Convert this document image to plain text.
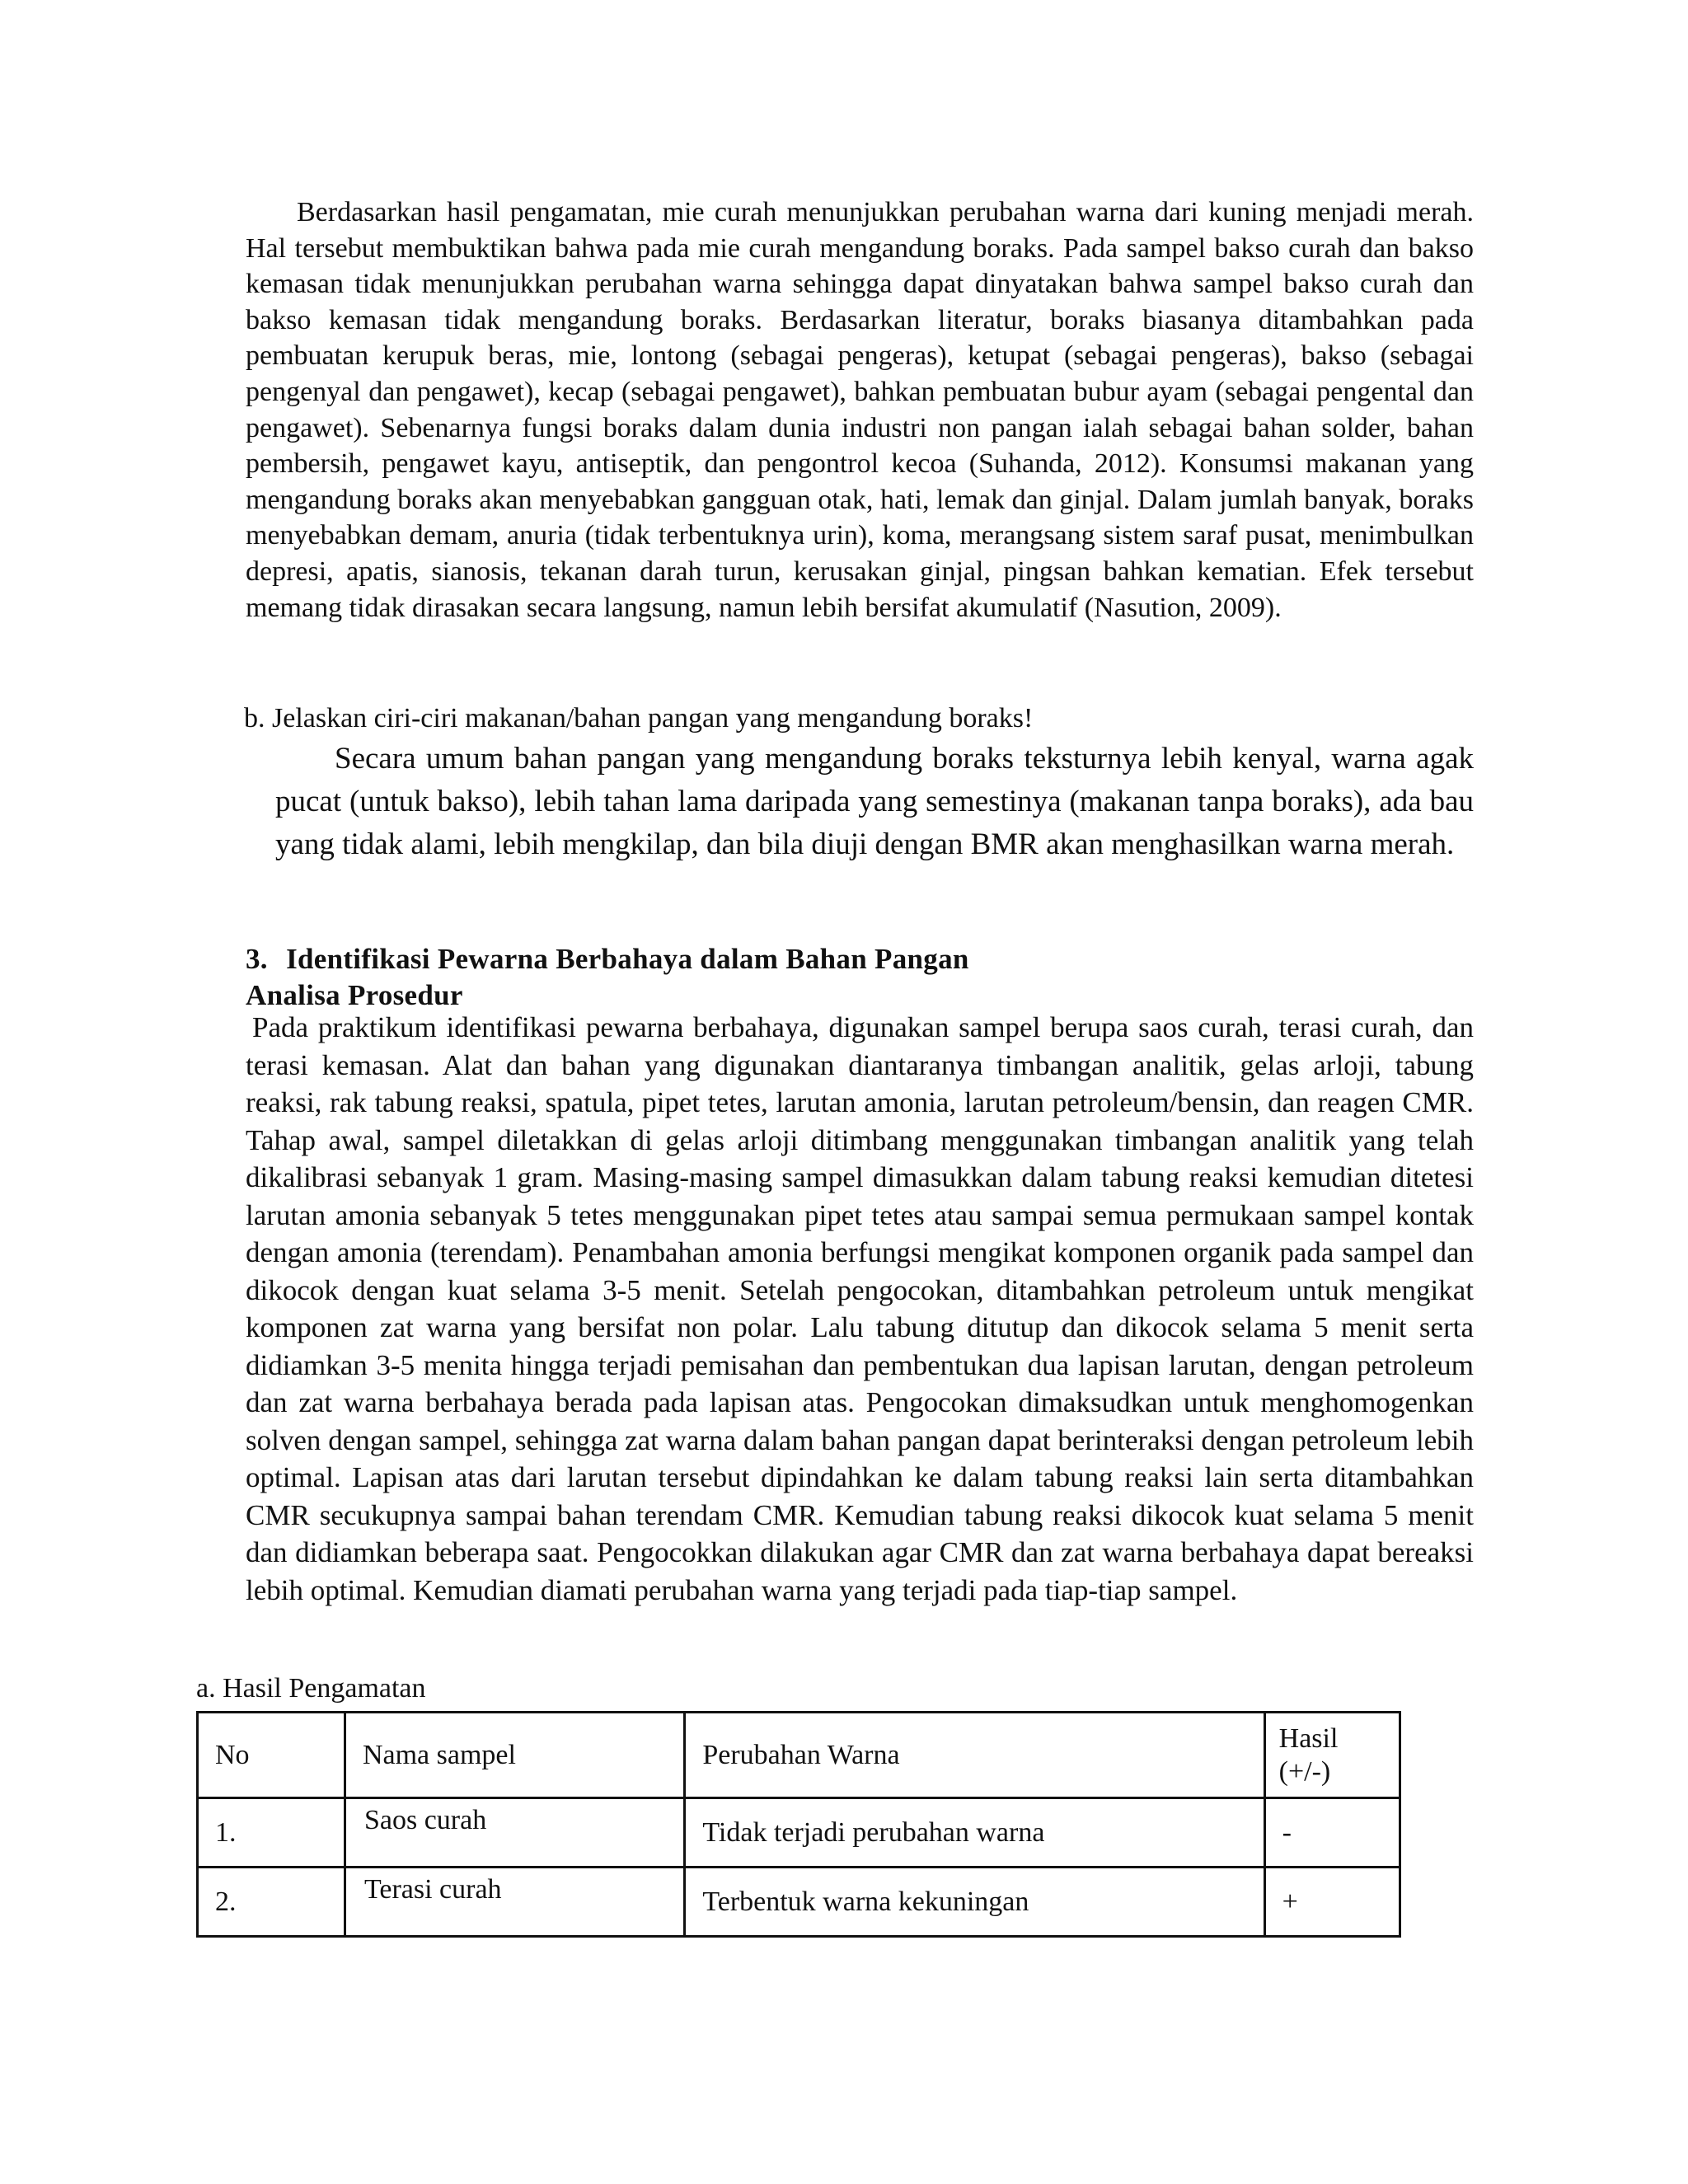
Berdasarkan hasil pengamatan, mie curah menunjukkan perubahan warna dari kuning menjadi merah. Hal tersebut membuktikan bahwa pada mie curah mengandung boraks. Pada sampel bakso curah dan bakso kemasan tidak menunjukkan perubahan warna sehingga dapat dinyatakan bahwa sampel bakso curah dan bakso kemasan tidak mengandung boraks. Berdasarkan literatur, boraks biasanya ditambahkan pada pembuatan kerupuk beras, mie, lontong (sebagai pengeras), ketupat (sebagai pengeras), bakso (sebagai pengenyal dan pengawet), kecap (sebagai pengawet), bahkan pembuatan bubur ayam (sebagai pengental dan pengawet). Sebenarnya fungsi boraks dalam dunia industri non pangan ialah sebagai bahan solder, bahan pembersih, pengawet kayu, antiseptik, dan pengontrol kecoa (Suhanda, 2012). Konsumsi makanan yang mengandung boraks akan menyebabkan gangguan otak, hati, lemak dan ginjal. Dalam jumlah banyak, boraks menyebabkan demam, anuria (tidak terbentuknya urin), koma, merangsang sistem saraf pusat, menimbulkan depresi, apatis, sianosis, tekanan darah turun, kerusakan ginjal, pingsan bahkan kematian. Efek tersebut memang tidak dirasakan secara langsung, namun lebih bersifat akumulatif (Nasution, 2009).

b. Jelaskan ciri-ciri makanan/bahan pangan yang mengandung boraks!

Secara umum bahan pangan yang mengandung boraks teksturnya lebih kenyal, warna agak pucat (untuk bakso), lebih tahan lama daripada yang semestinya (makanan tanpa boraks), ada bau yang tidak alami, lebih mengkilap, dan bila diuji dengan BMR akan menghasilkan warna merah.

3. Identifikasi Pewarna Berbahaya dalam Bahan Pangan

Analisa Prosedur

Pada praktikum identifikasi pewarna berbahaya, digunakan sampel berupa saos curah, terasi curah, dan terasi kemasan. Alat dan bahan yang digunakan diantaranya timbangan analitik, gelas arloji, tabung reaksi, rak tabung reaksi, spatula, pipet tetes, larutan amonia, larutan petroleum/bensin, dan reagen CMR. Tahap awal, sampel diletakkan di gelas arloji ditimbang menggunakan timbangan analitik yang telah dikalibrasi sebanyak 1 gram. Masing-masing sampel dimasukkan dalam tabung reaksi kemudian ditetesi larutan amonia sebanyak 5 tetes menggunakan pipet tetes atau sampai semua permukaan sampel kontak dengan amonia (terendam). Penambahan amonia berfungsi mengikat komponen organik pada sampel dan dikocok dengan kuat selama 3-5 menit. Setelah pengocokan, ditambahkan petroleum untuk mengikat komponen zat warna yang bersifat non polar. Lalu tabung ditutup dan dikocok selama 5 menit serta didiamkan 3-5 menita hingga terjadi pemisahan dan pembentukan dua lapisan larutan, dengan petroleum dan zat warna berbahaya berada pada lapisan atas. Pengocokan dimaksudkan untuk menghomogenkan solven dengan sampel, sehingga zat warna dalam bahan pangan dapat berinteraksi dengan petroleum lebih optimal. Lapisan atas dari larutan tersebut dipindahkan ke dalam tabung reaksi lain serta ditambahkan CMR secukupnya sampai bahan terendam CMR. Kemudian tabung reaksi dikocok kuat selama 5 menit dan didiamkan beberapa saat. Pengocokkan dilakukan agar CMR dan zat warna berbahaya dapat bereaksi lebih optimal. Kemudian diamati perubahan warna yang terjadi pada tiap-tiap sampel.

a. Hasil Pengamatan

No	Nama sampel	Perubahan Warna	Hasil
(+/-)

1.	Saos curah	Tidak terjadi perubahan warna	-

2.	Terasi curah	Terbentuk warna kekuningan	+
